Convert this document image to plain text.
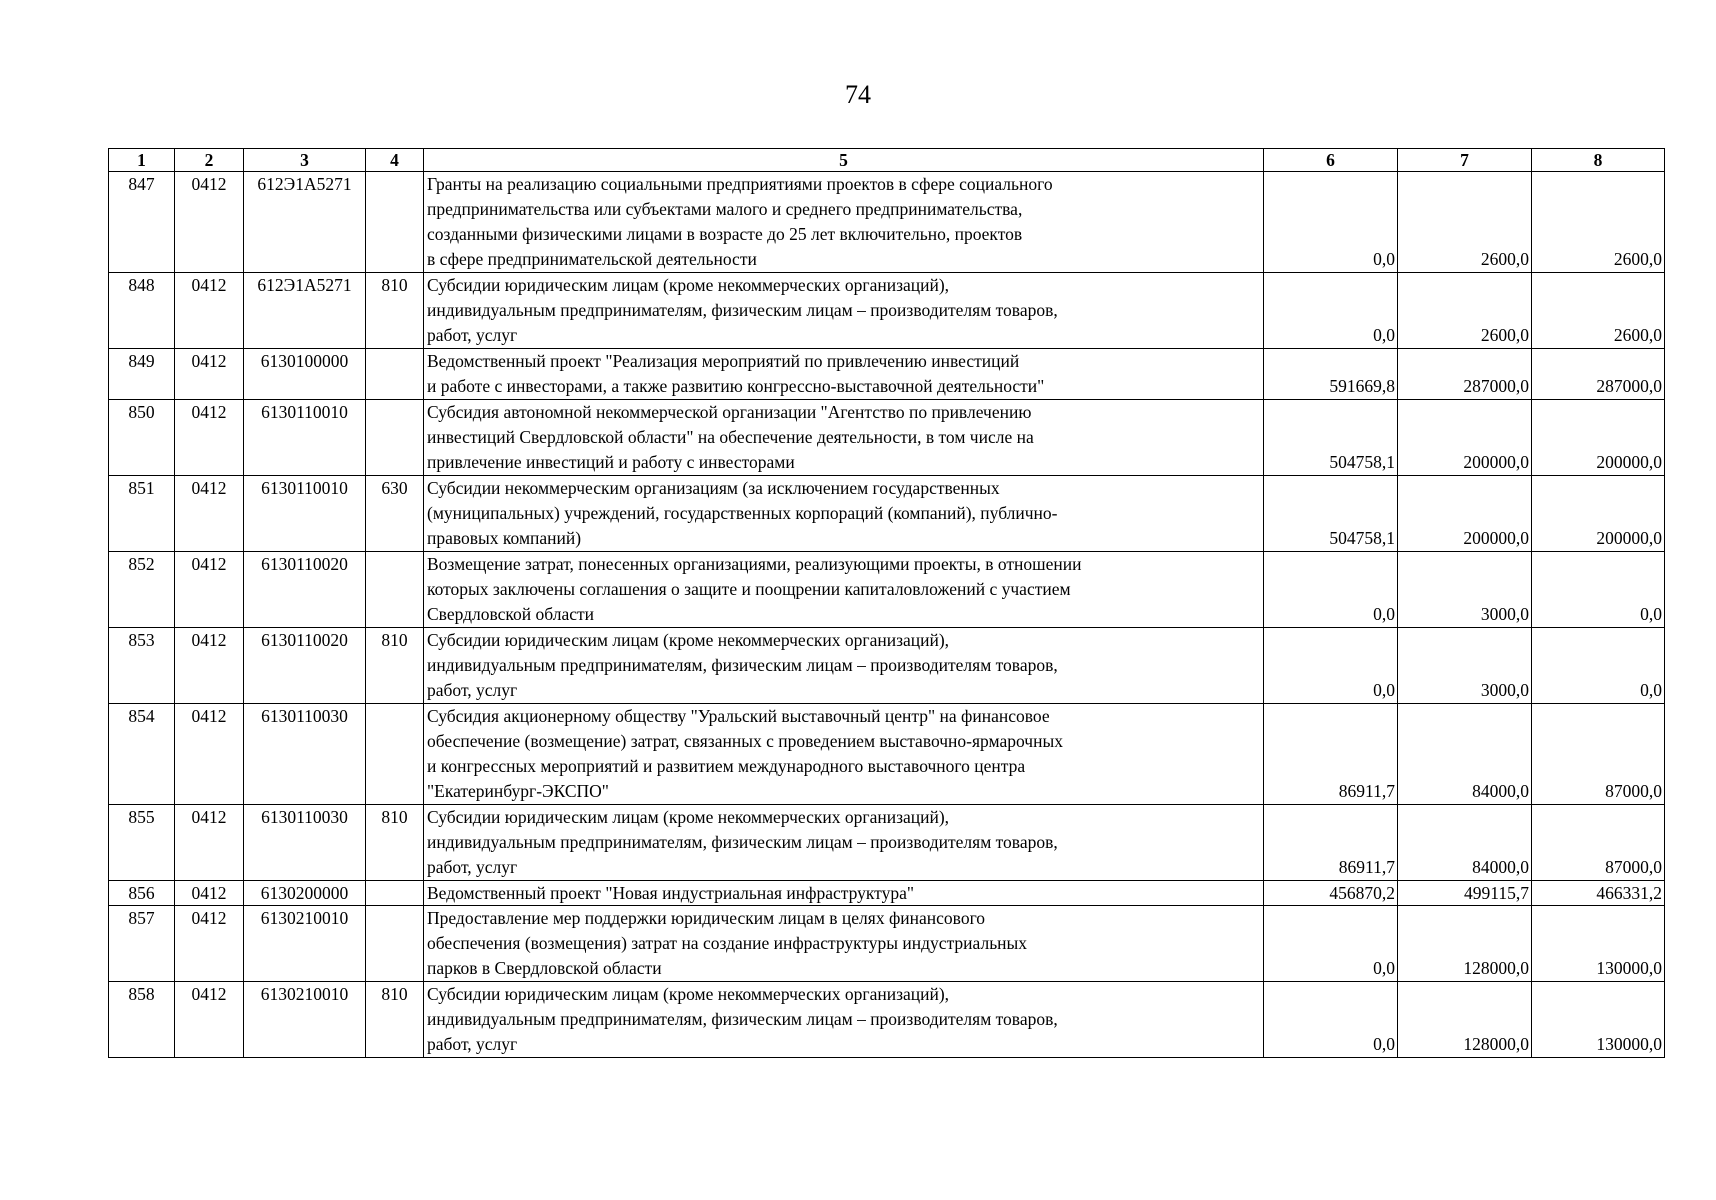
74
1	2	3	4	5	6	7	8
847	0412	612Э1A5271		Гранты на реализацию социальными предприятиями проектов в сфере социального
предпринимательства или субъектами малого и среднего предпринимательства,
созданными физическими лицами в возрасте до 25 лет включительно, проектов
в сфере предпринимательской деятельности	0,0	2600,0	2600,0
848	0412	612Э1A5271	810	Субсидии юридическим лицам (кроме некоммерческих организаций),
индивидуальным предпринимателям, физическим лицам – производителям товаров,
работ, услуг	0,0	2600,0	2600,0
849	0412	6130100000		Ведомственный проект "Реализация мероприятий по привлечению инвестиций
и работе с инвесторами, а также развитию конгрессно-выставочной деятельности"	591669,8	287000,0	287000,0
850	0412	6130110010		Субсидия автономной некоммерческой организации "Агентство по привлечению
инвестиций Свердловской области" на обеспечение деятельности, в том числе на
привлечение инвестиций и работу с инвесторами	504758,1	200000,0	200000,0
851	0412	6130110010	630	Субсидии некоммерческим организациям (за исключением государственных
(муниципальных) учреждений, государственных корпораций (компаний), публично-
правовых компаний)	504758,1	200000,0	200000,0
852	0412	6130110020		Возмещение затрат, понесенных организациями, реализующими проекты, в отношении
которых заключены соглашения о защите и поощрении капиталовложений с участием
Свердловской области	0,0	3000,0	0,0
853	0412	6130110020	810	Субсидии юридическим лицам (кроме некоммерческих организаций),
индивидуальным предпринимателям, физическим лицам – производителям товаров,
работ, услуг	0,0	3000,0	0,0
854	0412	6130110030		Субсидия акционерному обществу "Уральский выставочный центр" на финансовое
обеспечение (возмещение) затрат, связанных с проведением выставочно-ярмарочных
и конгрессных мероприятий и развитием международного выставочного центра
"Екатеринбург-ЭКСПО"	86911,7	84000,0	87000,0
855	0412	6130110030	810	Субсидии юридическим лицам (кроме некоммерческих организаций),
индивидуальным предпринимателям, физическим лицам – производителям товаров,
работ, услуг	86911,7	84000,0	87000,0
856	0412	6130200000		Ведомственный проект "Новая индустриальная инфраструктура"	456870,2	499115,7	466331,2
857	0412	6130210010		Предоставление мер поддержки юридическим лицам в целях финансового
обеспечения (возмещения) затрат на создание инфраструктуры индустриальных
парков в Свердловской области	0,0	128000,0	130000,0
858	0412	6130210010	810	Субсидии юридическим лицам (кроме некоммерческих организаций),
индивидуальным предпринимателям, физическим лицам – производителям товаров,
работ, услуг	0,0	128000,0	130000,0
